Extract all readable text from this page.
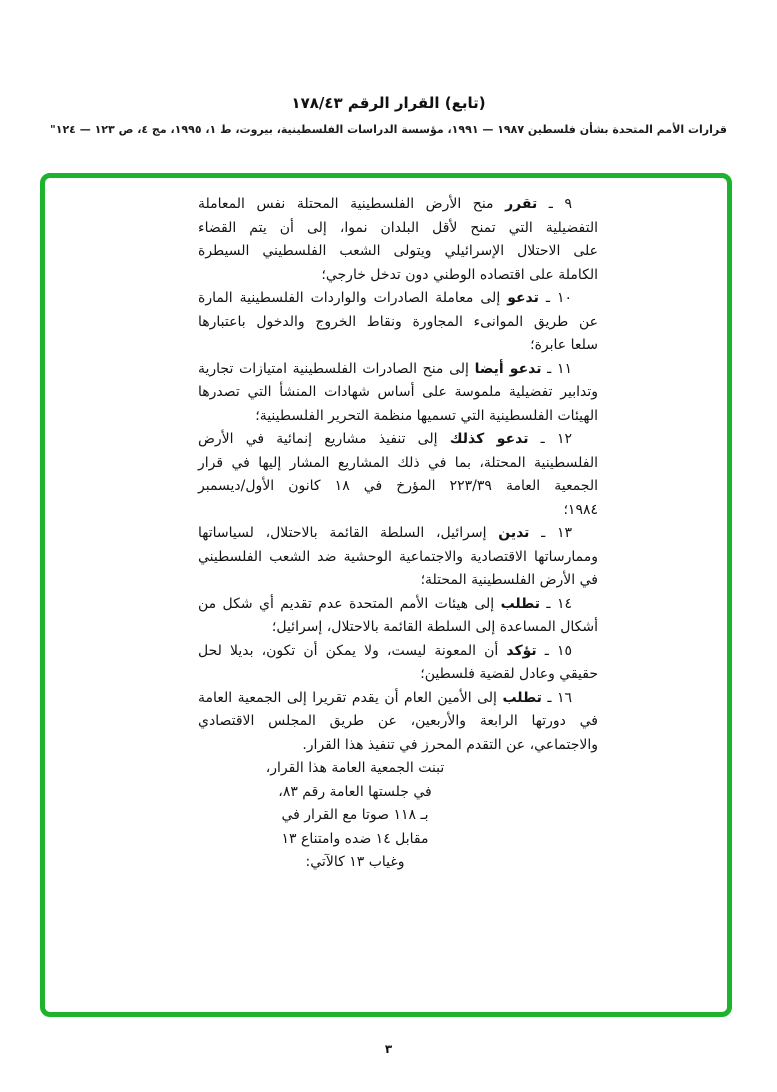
(تابع) القرار الرقم ١٧٨/٤٣
قرارات الأمم المتحدة بشأن فلسطين ١٩٨٧ — ١٩٩١، مؤسسة الدراسات الفلسطينية، بيروت، ط ١، ١٩٩٥، مج ٤، ص ١٢٣ — ١٢٤"
٩ ـ تقرر منح الأرض الفلسطينية المحتلة نفس المعاملة
التفضيلية التي تمنح لأقل البلدان نموا، إلى أن يتم القضاء
على الاحتلال الإسرائيلي ويتولى الشعب الفلسطيني السيطرة
الكاملة على اقتصاده الوطني دون تدخل خارجي؛
١٠ ـ تدعو إلى معاملة الصادرات والواردات الفلسطينية المارة
عن طريق الموانىء المجاورة ونقاط الخروج والدخول باعتبارها
سلعا عابرة؛
١١ ـ تدعو أيضا إلى منح الصادرات الفلسطينية امتيازات تجارية
وتدابير تفضيلية ملموسة على أساس شهادات المنشأ التي تصدرها
الهيئات الفلسطينية التي تسميها منظمة التحرير الفلسطينية؛
١٢ ـ تدعو كذلك إلى تنفيذ مشاريع إنمائية في الأرض
الفلسطينية المحتلة، بما في ذلك المشاريع المشار إليها في قرار
الجمعية العامة ٢٢٣/٣٩ المؤرخ في ١٨ كانون الأول/ديسمبر
١٩٨٤؛
١٣ ـ تدين إسرائيل، السلطة القائمة بالاحتلال، لسياساتها
وممارساتها الاقتصادية والاجتماعية الوحشية ضد الشعب الفلسطيني
في الأرض الفلسطينية المحتلة؛
١٤ ـ تطلب إلى هيئات الأمم المتحدة عدم تقديم أي شكل من
أشكال المساعدة إلى السلطة القائمة بالاحتلال، إسرائيل؛
١٥ ـ تؤكد أن المعونة ليست، ولا يمكن أن تكون، بديلا لحل
حقيقي وعادل لقضية فلسطين؛
١٦ ـ تطلب إلى الأمين العام أن يقدم تقريرا إلى الجمعية العامة
في دورتها الرابعة والأربعين، عن طريق المجلس الاقتصادي
والاجتماعي، عن التقدم المحرز في تنفيذ هذا القرار.
تبنت الجمعية العامة هذا القرار،
في جلستها العامة رقم ٨٣،
بـ ١١٨ صوتا مع القرار في
مقابل ١٤ ضده وامتناع ١٣
وغياب ١٣ كالآتي:
٣
